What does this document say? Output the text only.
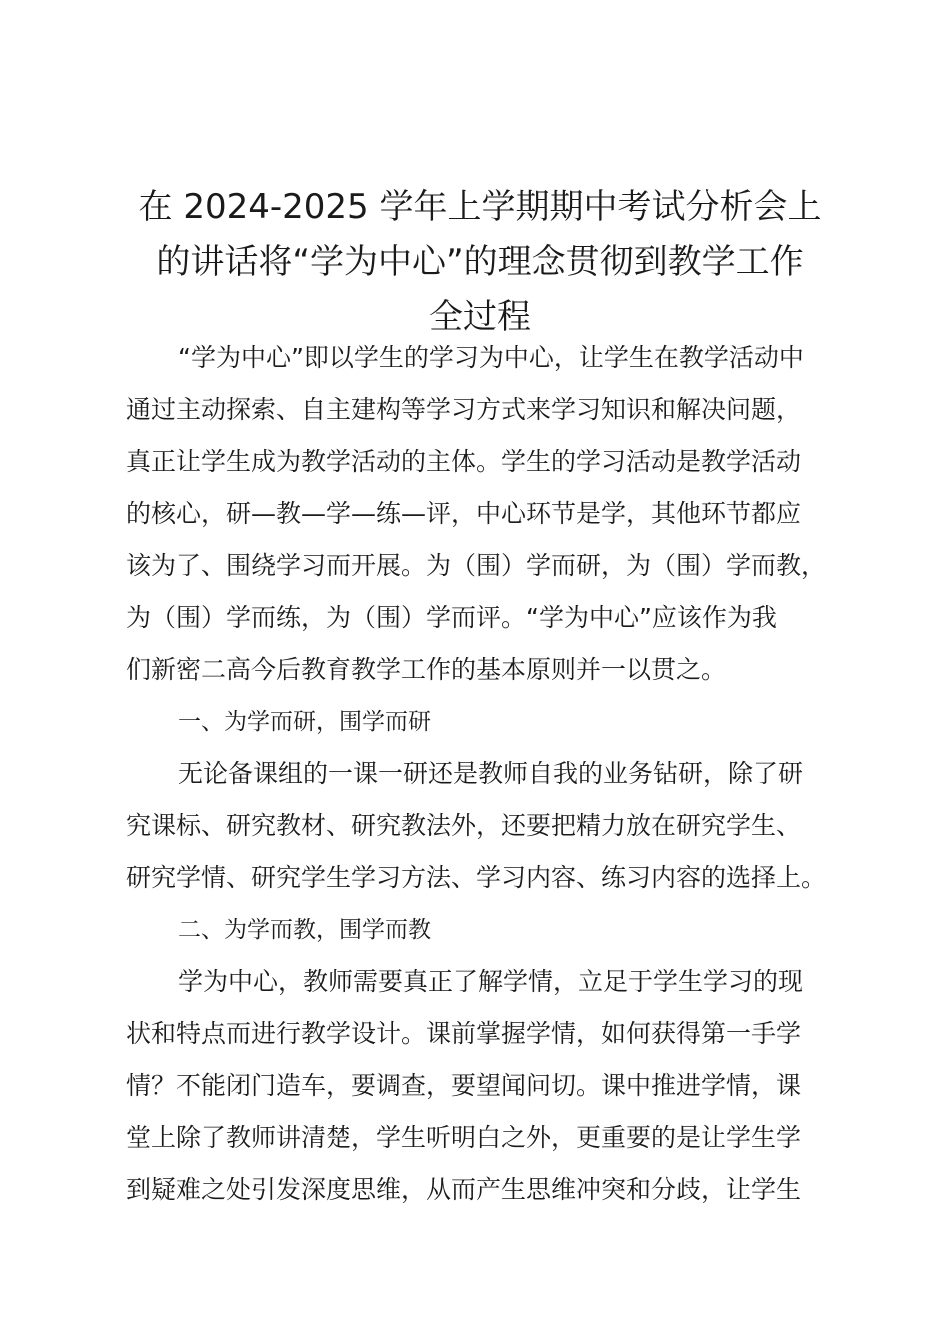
在 2024-2025 学年上学期期中考试分析会上
的讲话将“学为中心”的理念贯彻到教学工作
全过程
“学为中心”即以学生的学习为中心，让学生在教学活动中
通过主动探索、自主建构等学习方式来学习知识和解决问题，
真正让学生成为教学活动的主体。学生的学习活动是教学活动
的核心，研—教—学—练—评，中心环节是学，其他环节都应
该为了、围绕学习而开展。为（围）学而研，为（围）学而教，
为（围）学而练，为（围）学而评。“学为中心”应该作为我
们新密二高今后教育教学工作的基本原则并一以贯之。
一、为学而研，围学而研
无论备课组的一课一研还是教师自我的业务钻研，除了研
究课标、研究教材、研究教法外，还要把精力放在研究学生、
研究学情、研究学生学习方法、学习内容、练习内容的选择上。
二、为学而教，围学而教
学为中心，教师需要真正了解学情，立足于学生学习的现
状和特点而进行教学设计。课前掌握学情，如何获得第一手学
情？不能闭门造车，要调查，要望闻问切。课中推进学情，课
堂上除了教师讲清楚，学生听明白之外，更重要的是让学生学
到疑难之处引发深度思维，从而产生思维冲突和分歧，让学生
